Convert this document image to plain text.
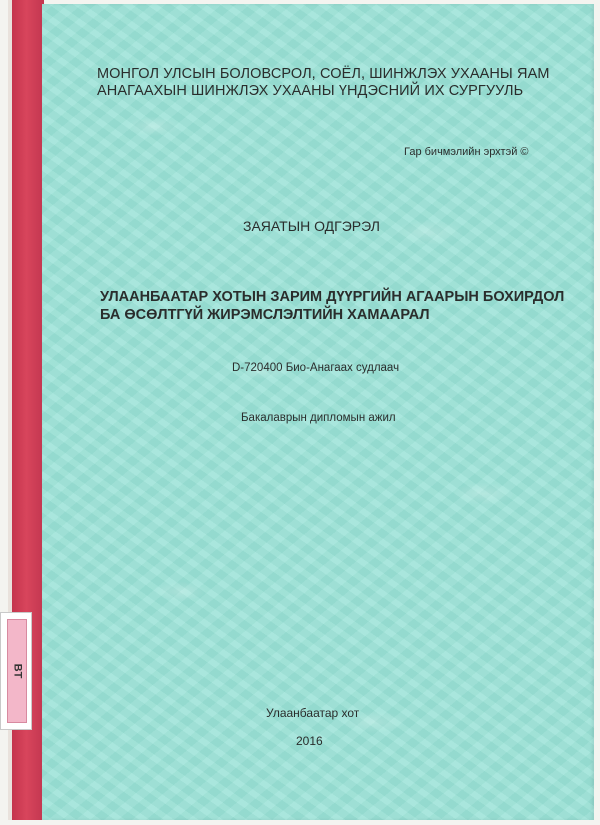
BT
МОНГОЛ УЛСЫН БОЛОВСРОЛ, СОЁЛ, ШИНЖЛЭХ УХААНЫ ЯАМ
АНАГААХЫН ШИНЖЛЭХ УХААНЫ ҮНДЭСНИЙ ИХ СУРГУУЛЬ
Гар бичмэлийн эрхтэй ©
ЗАЯАТЫН ОДГЭРЭЛ
УЛААНБААТАР ХОТЫН ЗАРИМ ДҮҮРГИЙН АГААРЫН БОХИРДОЛ
БА ӨСӨЛТГҮЙ ЖИРЭМСЛЭЛТИЙН ХАМААРАЛ
D-720400 Био-Анагаах судлаач
Бакалаврын дипломын ажил
Улаанбаатар хот
2016
